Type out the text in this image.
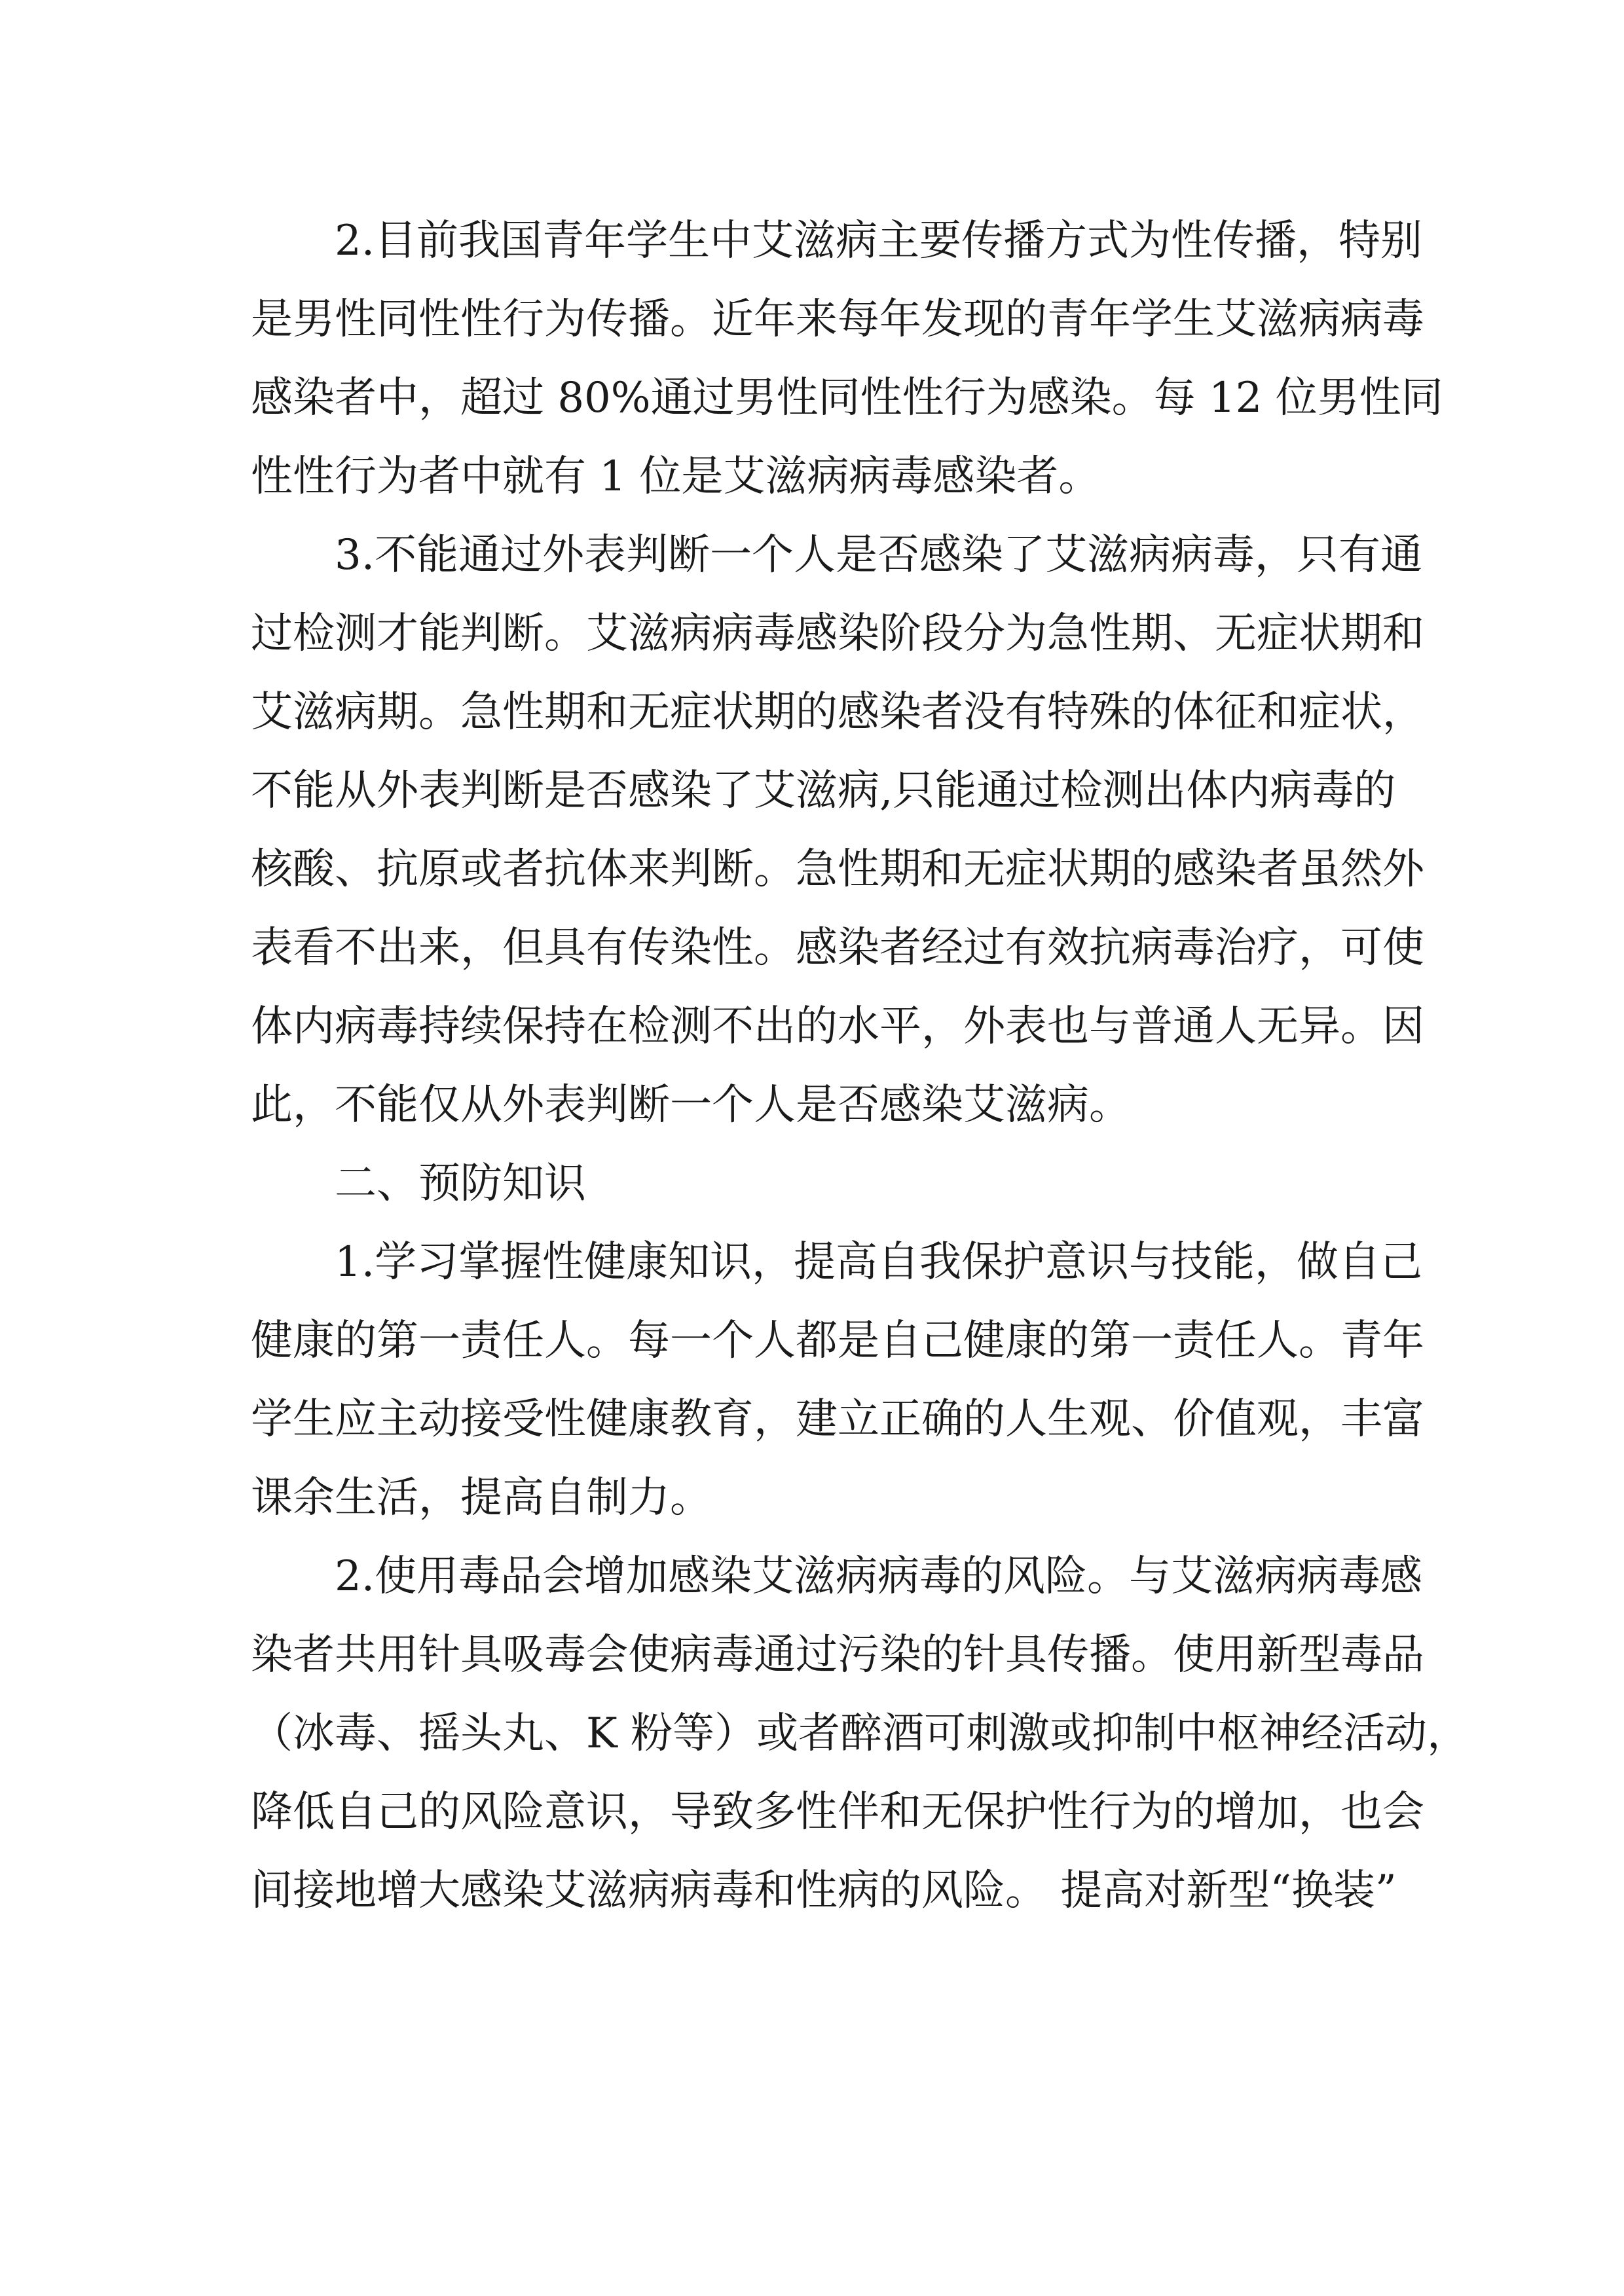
2.目前我国青年学生中艾滋病主要传播方式为性传播，特别
是男性同性性行为传播。近年来每年发现的青年学生艾滋病病毒
感染者中，超过 80%通过男性同性性行为感染。每 12 位男性同
性性行为者中就有 1 位是艾滋病病毒感染者。
3.不能通过外表判断一个人是否感染了艾滋病病毒，只有通
过检测才能判断。艾滋病病毒感染阶段分为急性期、无症状期和
艾滋病期。急性期和无症状期的感染者没有特殊的体征和症状，
不能从外表判断是否感染了艾滋病,只能通过检测出体内病毒的
核酸、抗原或者抗体来判断。急性期和无症状期的感染者虽然外
表看不出来，但具有传染性。感染者经过有效抗病毒治疗，可使
体内病毒持续保持在检测不出的水平，外表也与普通人无异。因
此，不能仅从外表判断一个人是否感染艾滋病。
二、预防知识
1.学习掌握性健康知识，提高自我保护意识与技能，做自己
健康的第一责任人。每一个人都是自己健康的第一责任人。青年
学生应主动接受性健康教育，建立正确的人生观、价值观，丰富
课余生活，提高自制力。
2.使用毒品会增加感染艾滋病病毒的风险。与艾滋病病毒感
染者共用针具吸毒会使病毒通过污染的针具传播。使用新型毒品
（冰毒、摇头丸、K 粉等）或者醉酒可刺激或抑制中枢神经活动，
降低自己的风险意识，导致多性伴和无保护性行为的增加，也会
间接地增大感染艾滋病病毒和性病的风险。 提高对新型“换装”
